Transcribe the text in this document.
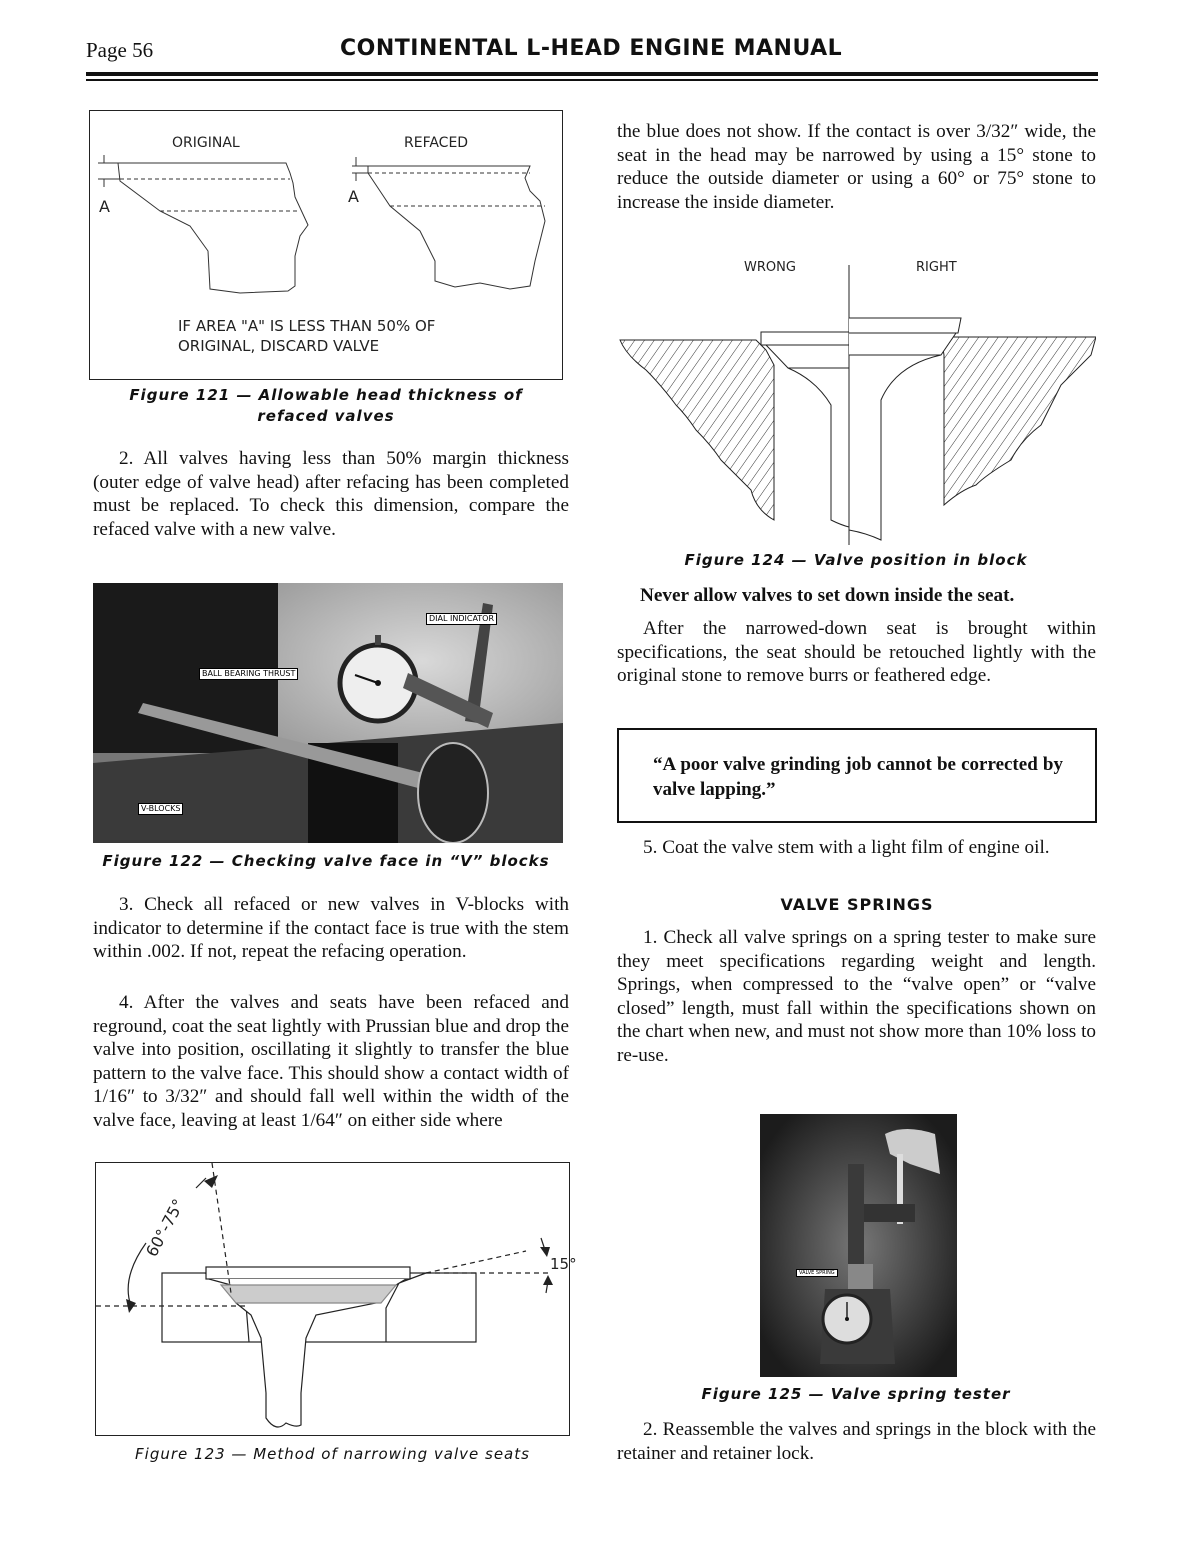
Page 56	CONTINENTAL L-HEAD ENGINE MANUAL
ORIGINAL	REFACED
A
A
IF AREA "A" IS LESS THAN 50% OF
ORIGINAL, DISCARD VALVE
Figure 121 — Allowable head thickness of
refaced valves
2. All valves having less than 50% margin thickness (outer edge of valve head) after refacing has been completed must be replaced. To check this dimension, compare the refaced valve with a new valve.
DIAL INDICATOR
BALL BEARING THRUST
V-BLOCKS
Figure 122 — Checking valve face in “V” blocks
3. Check all refaced or new valves in V-blocks with indicator to determine if the contact face is true with the stem within .002. If not, repeat the refacing operation.
4. After the valves and seats have been refaced and reground, coat the seat lightly with Prussian blue and drop the valve into position, oscillating it slightly to transfer the blue pattern to the valve face. This should show a contact width of 1/16″ to 3/32″ and should fall well within the width of the valve face, leaving at least 1/64″ on either side where
60°-75°
15°
Figure 123 — Method of narrowing valve seats
the blue does not show. If the contact is over 3/32″ wide, the seat in the head may be narrowed by using a 15° stone to reduce the outside diameter or using a 60° or 75° stone to increase the inside diameter.
WRONG	RIGHT
Figure 124 — Valve position in block
Never allow valves to set down inside the seat.
After the narrowed-down seat is brought within specifications, the seat should be retouched lightly with the original stone to remove burrs or feathered edge.
“A poor valve grinding job cannot be corrected by valve lapping.”
5. Coat the valve stem with a light film of engine oil.
VALVE SPRINGS
1. Check all valve springs on a spring tester to make sure they meet specifications regarding weight and length. Springs, when compressed to the “valve open” or “valve closed” length, must fall within the specifications shown on the chart when new, and must not show more than 10% loss to re-use.
VALVE SPRING
Figure 125 — Valve spring tester
2. Reassemble the valves and springs in the block with the retainer and retainer lock.
